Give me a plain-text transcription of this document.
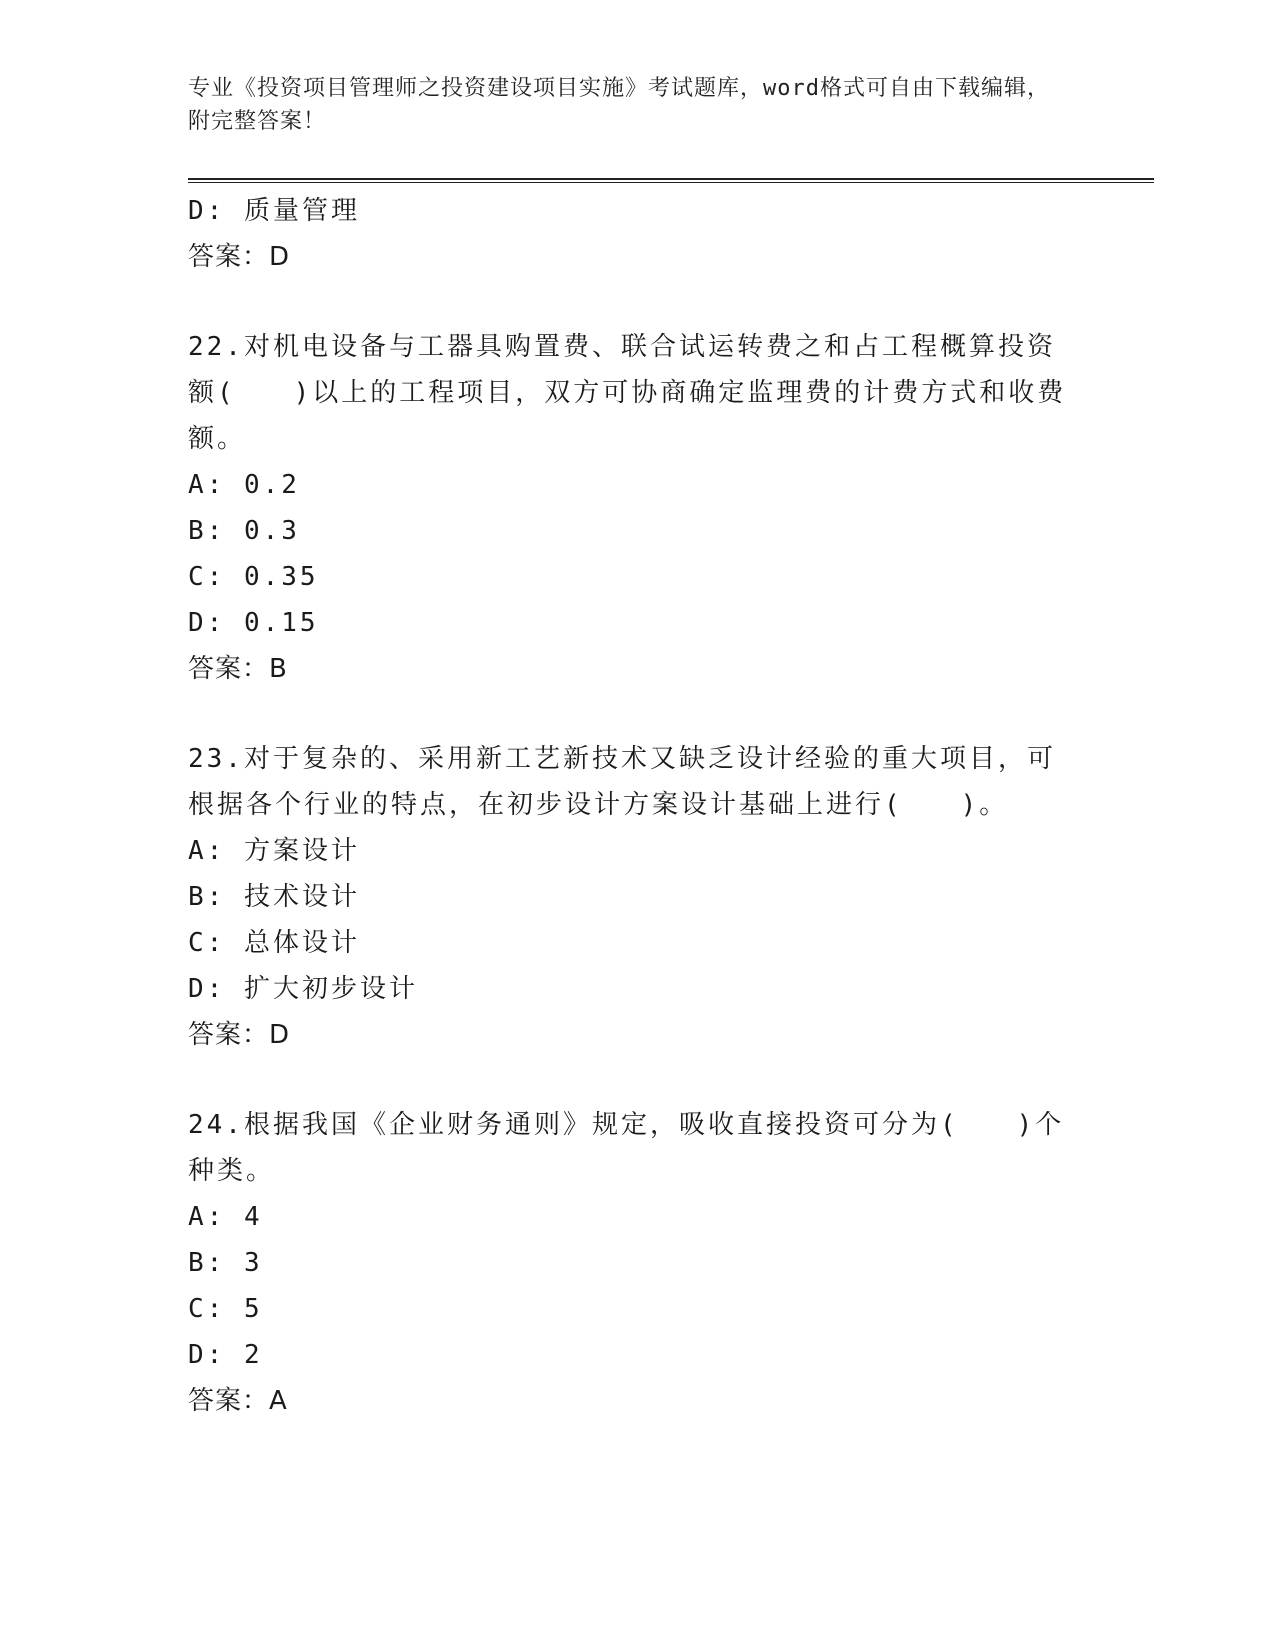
专业《投资项目管理师之投资建设项目实施》考试题库，word格式可自由下载编辑，附完整答案！
D: 质量管理
答案：D
22.对机电设备与工器具购置费、联合试运转费之和占工程概算投资额(　　)以上的工程项目，双方可协商确定监理费的计费方式和收费额。
A: 0.2
B: 0.3
C: 0.35
D: 0.15
答案：B
23.对于复杂的、采用新工艺新技术又缺乏设计经验的重大项目，可根据各个行业的特点，在初步设计方案设计基础上进行(　　)。
A: 方案设计
B: 技术设计
C: 总体设计
D: 扩大初步设计
答案：D
24.根据我国《企业财务通则》规定，吸收直接投资可分为(　　)个种类。
A: 4
B: 3
C: 5
D: 2
答案：A
